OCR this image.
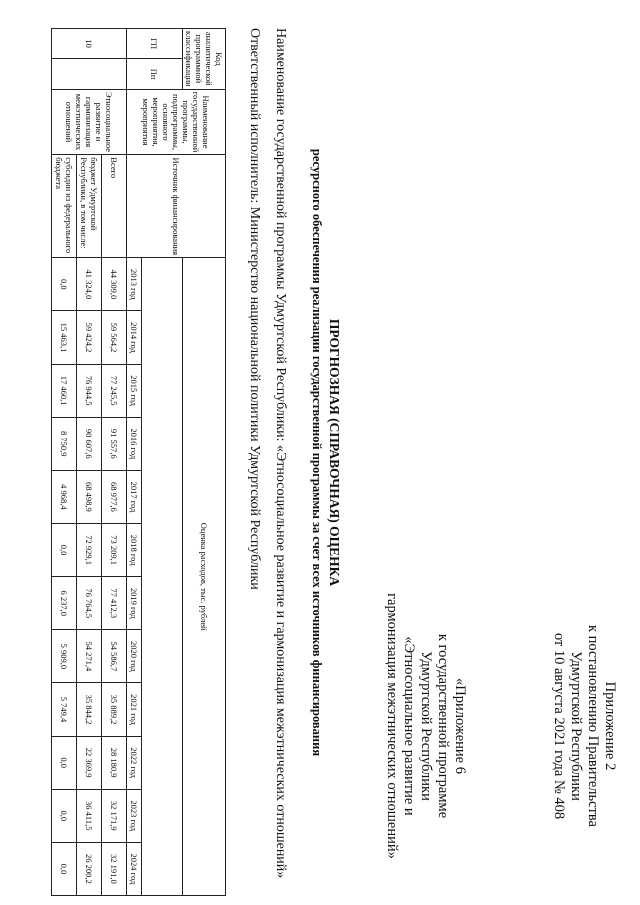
Приложение 2
к постановлению Правительства
Удмуртской Республики
от 10 августа 2021 года № 408
«Приложение 6
к государственной программе
Удмуртской Республики
«Этносоциальное развитие и
гармонизация межэтнических отношений»
ПРОГНОЗНАЯ (СПРАВОЧНАЯ) ОЦЕНКА
ресурсного обеспечения реализации государственной программы за счет всех источников финансирования
Наименование государственной программы Удмуртской Республики: «Этносоциальное развитие и гармонизация межэтнических отношений»
Ответственный исполнитель: Министерство национальной политики Удмуртской Республики
Код аналитической программной классификации		Наименование государственной программы, подпрограммы, основного мероприятия, мероприятия	Источник финансирования	Оценка расходов, тыс. рублей											
ГП	Пп														
				2013 год	2014 год	2015 год	2016 год	2017 год	2018 год	2019 год	2020 год	2021 год	2022 год	2023 год	2024 год
10		Этносоциальное развитие и гармонизация межэтнических отношений	Всего	44 309,0	59 564,2	77 245,5	91 557,6	68 977,6	73 209,1	77 412,3	54 586,7	35 889,2	28 180,9	32 171,9	32 191,0
			бюджет Удмуртской Республики, в том числе:	41 324,0	59 424,2	76 944,5	90 607,6	68 498,9	72 929,1	76 764,5	54 271,4	35 844,2	22 369,9	36 411,5	26 200,2
			субсидии из федерального бюджета	0,0	15 463,1	17 460,1	8 750,9	4 968,4	0,0	6 237,0	5 909,0	5 749,4	0,0	0,0	0,0
